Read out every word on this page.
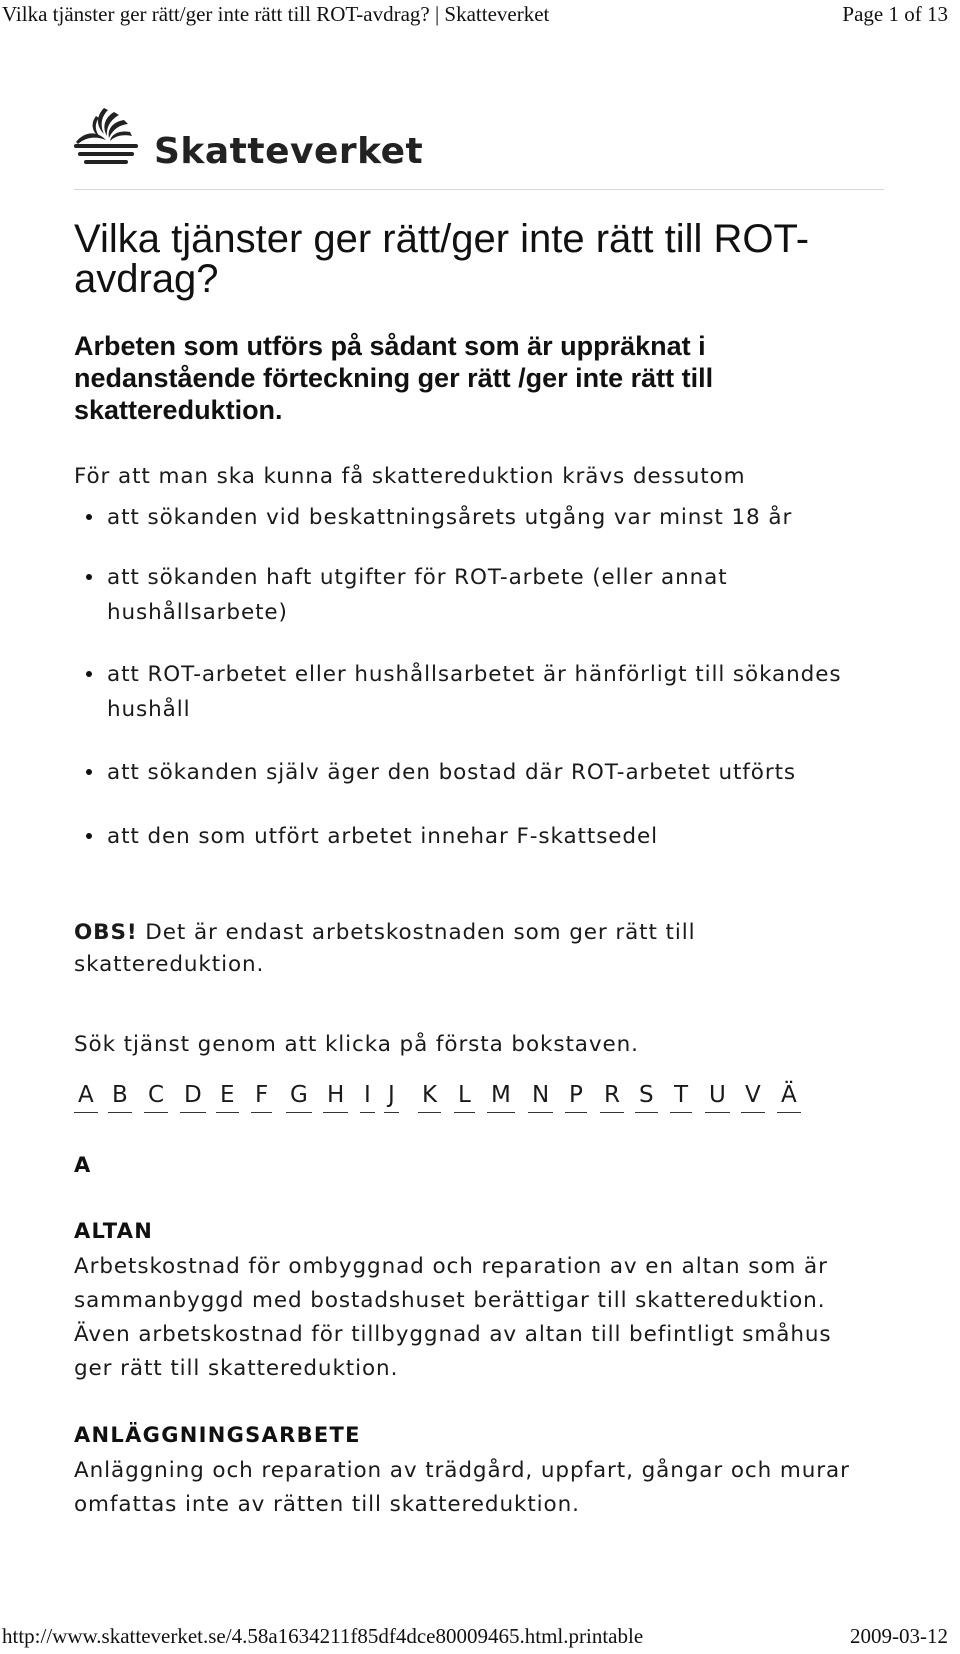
Vilka tjänster ger rätt/ger inte rätt till ROT-avdrag? | Skatteverket	Page 1 of 13
Skatteverket
Vilka tjänster ger rätt/ger inte rätt till ROT-avdrag?
Arbeten som utförs på sådant som är uppräknat i nedanstående förteckning ger rätt /ger inte rätt till skattereduktion.

För att man ska kunna få skattereduktion krävs dessutom

att sökanden vid beskattningsårets utgång var minst 18 år

att sökanden haft utgifter för ROT-arbete (eller annat hushållsarbete)

att ROT-arbetet eller hushållsarbetet är hänförligt till sökandes hushåll

att sökanden själv äger den bostad där ROT-arbetet utförts

att den som utfört arbetet innehar F-skattsedel

OBS! Det är endast arbetskostnaden som ger rätt till skattereduktion.

Sök tjänst genom att klicka på första bokstaven.

A B C D E F G H I J K L M N P R S T U V Ä
A
ALTAN

Arbetskostnad för ombyggnad och reparation av en altan som är sammanbyggd med bostadshuset berättigar till skattereduktion. Även arbetskostnad för tillbyggnad av altan till befintligt småhus ger rätt till skattereduktion.

ANLÄGGNINGSARBETE

Anläggning och reparation av trädgård, uppfart, gångar och murar omfattas inte av rätten till skattereduktion.

http://www.skatteverket.se/4.58a1634211f85df4dce80009465.html.printable	2009-03-12
